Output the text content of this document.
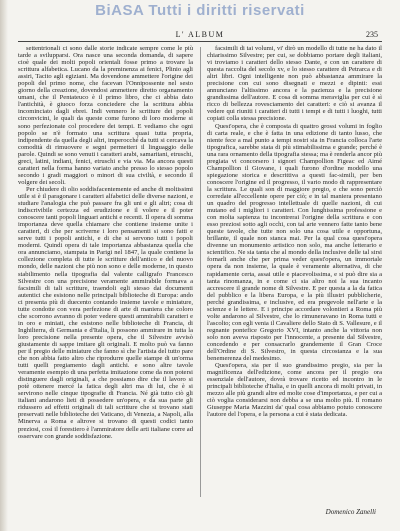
BiASA Tutti i diritti riservati
L' ALBUM	235

settentrionali ci sono dalle storie indicate sempre come le più tarde a svilupparsi. Ora nasce una seconda domanda, di sapere cioè quale dei molti popoli orientali fosse primo a trovare la scrittura alfabetica. Lucano da la preminenza ai fenici, Plinio agli assiri, Tacito agli egiziani. Ma dovendone ammettere l'origine dei popoli del primo nome, che facevan l'Onnipossente nel sesto giorno della creazione, dovendosi ammettere diretto organamento umani, che il Pentateuco è il primo libro, che ci abbia dato l'antichità, è giuoco forza conciedere che la scrittura abbia incominciato dagli ebrei. Indi vennero le scritture dei popoli circonvicini, le quali da queste come furono di loro moderne si sono perfezionate col procedere dei tempi. E vediamo che ogni popolo se n'è formato una scrittura quasi tutta propria, indipendente da quella degli altri, imperocché da tutti si cercava la comodità di rimuovere e segni permetteri il linguaggio delle parole. Quindi se sono venuti i caratteri arabi, samaritani, etruschi, greci, latini, indiani, fenici, etruschi e via via. Ma ancora questi caratteri nella forma hanno variato anche presso lo stesso popolo secondo i gradi maggiori o minori di sua civiltà, e secondo il volgere dei secoli.

Per chiudere di olio soddisfacentemente ed anche di moltissimi utile si è il paragonare i caratteri alfabetici delle diverse nazioni, e studiare l'analogia che può passare fra gli uni e gli altri; cosa di indiscrivibile certezza ed erudizione e il volere e il poter conoscere tanti popoli linguari antichi e recenti. Il opera di somma importanza deve quella chiamare che contiene insieme unite i caratteri, di che per scriverne i loro pensamenti si sono fatti e serve tutti i popoli antichi, e di che si servono tutti i popoli moderni. Quindi opera di tale importanza abbastanza quella che ora annunciamo, stampata in Parigi nel 1847, la quale contiene la collezione completa di tutte le scritture dell'antico e del nuovo mondo, delle nazioni che più non sono e delle moderne, in questo stabilimento nella tipografia dal valente calligrafo Francesco Silvestre con una precisione veramente ammirabile formava a facsimili di tali scritture, traendoli egli stesso dai documenti autentici che esistono nelle principali biblioteche di Europa: ando ci presenta più di duecento contando insieme tavole e miniature, tutte condotte con vera perfezione di arte di maniera che coloro che scorrono avranno di poter vedere questi ammirabili caratteri e in oro e miniati, che esistono nelle biblioteche di Francia, di Inghilterra, di Germania e d'Italia, li possono ammirare in tutta la loro precisione nella presente opera, che il Silvestre avvisò giustamente di sappe imitare gli originali. E molto può va fanno per il pregio delle miniature che fanno sì che l'artista del tutto pare che non abbia fatto altro che riprodurre quelle stampe di un'orma tutti quelli pregiamento dagli antichi. e sono altre tavole veramente esempio di una perfetta imitazione come da non potersi distinguere dagli originali, a che possiamo dire che il lavoro si potè ottenere mercé la fatica degli altri ma di lui, che è si servirono nelle cinque tipografie di Francia. Né già tutto ciò gli italiani andarono lieti di possedere un'opera, e da sua parte gli ridussero ad effetti originali di tali scritture che si trovano stati preservati nelle biblioteche dei Vaticano, di Venezia, a Napoli, alla Minerva a Roma e altrove si trovano di questi codici tanto preziosi, così il forestiero è l'ammiratore delle arti italiane corre ad osservare con grande soddisfazione.

facsimili di tai volumi, vi' dirò un modello di tutte ne ha dato il chiarissimo Silvestre; per cui, se dobbiamo portare degli italiani, vi troviamo i caratteri dello stesso Dante, e con un carattere di questa raccolta del secolo xv, e lo stesso carattere di Petrarca e di altri libri. Ogni intelligente non può abbastanza ammirare la precisione con cui sono disegnati e mezzi e dipinti: essi annunciano l'altissimo ancora e la pazienza e la precisione grandissima dell'autore. E cosa di somma meraviglia per cui è sì ricco di bellezza rovesciamento dei caratteri: e ciò si avanza il vedere qui riuniti i caratteri di tutti i tempi e di tutti i luoghi, tutti copiati colla stessa precisione.

Quest'opera, che è composta di quattro grossi volumi in foglio di carta reale, e che è fatta in una edizione di tanto lusso, che niente fece a mal punto a tempi nostri sia in Francia colloca l'arte tipografica, sarebbe stata di più stimabilissima e grande; perché è una rara ornamento della tipografia stessa; ma è renderla ancor più pregiata vi concorsero i signori Champollion Figeac ed Aimé Champollion il Giovane, i quali furono d'ordine modello una spiegazione storica e descrittiva a questi fac-simili, per ben conoscere l'origine ed il progresso, il vario modo di rappresentare la scrittura. Le quali son di maggiore pregio, e che sono perciò corredate all'eccellente opere per ciò; e in tal maniera presentano un quadro del progresso intellettuale di quelle nazioni, di cui mutano ed i migliori i caratteri. Con lunghissima professione e con molta sapienza tu incontrerai l'origine della scrittura e con esso preziosi sotto agli occhi, con tal arte vennero fatte tanto bene queste tavole, che tutte non solo una cosa utile e opportuna, brillante, il quale non stanca mai. Per la qual cosa quest'opera divenne un monumento artistico non solo, ma anche letterario e scientifico. Ne sia tanta che al mondo della inclusive delle tal sirsi fornarli anche che per prima veder quest'opera, un immortale opera da non insieme, la quale è veramente alternativa, di che rapidamente certa, assai utile e piacevolissima, e si può dire sia a tanta rinomanza, in e come ci sia altro noi la sua incanto accrescere il grande nome di Silvestre. E per questa a la da fatica del pubblico e la libera Europa, e la più illustri pubblicherie, perché grandissima, e inclusive, ed era pregevole nell'arte e la scienze e le lettere. E i principe accordare volontieri a Roma più volte andarono al Silvestre, che lo rimuneravano in Roma tutti e l'ascolto; con egli venia il Cavaliere dello Stato di S. Vallesure, e il regnante pontefice Gregorio XVI, intanto anche la vittoria non solo non aveva risposto per l'innocente, a presente dal Silvestre, concedendo e per consacrarlo grandemente il Gran Croce dell'Ordine di S. Silvestro, in questa circostanza e la sua benemerenza del medesimo.

Quest'opera, sia per il suo grandissimo pregio, sia per la magnificenza dell'edizione, come ancora per il pregio ora essenziale dell'autore, dovrà trovare ricetto ed incontro in le principali biblioteche d'Italia, e in quelli ancora di molti privati, in mezzo alle più grandi altre ed molte cose d'importanza, e per cui a ciò voglia considerarsi non debba a se una molto più. Il romano Giuseppe Maria Mazzini da' qual cosa abbiamo potuto conoscere l'autore del l'opera, e la persona a cui è stata dedicata.

Domenico Zanelli
